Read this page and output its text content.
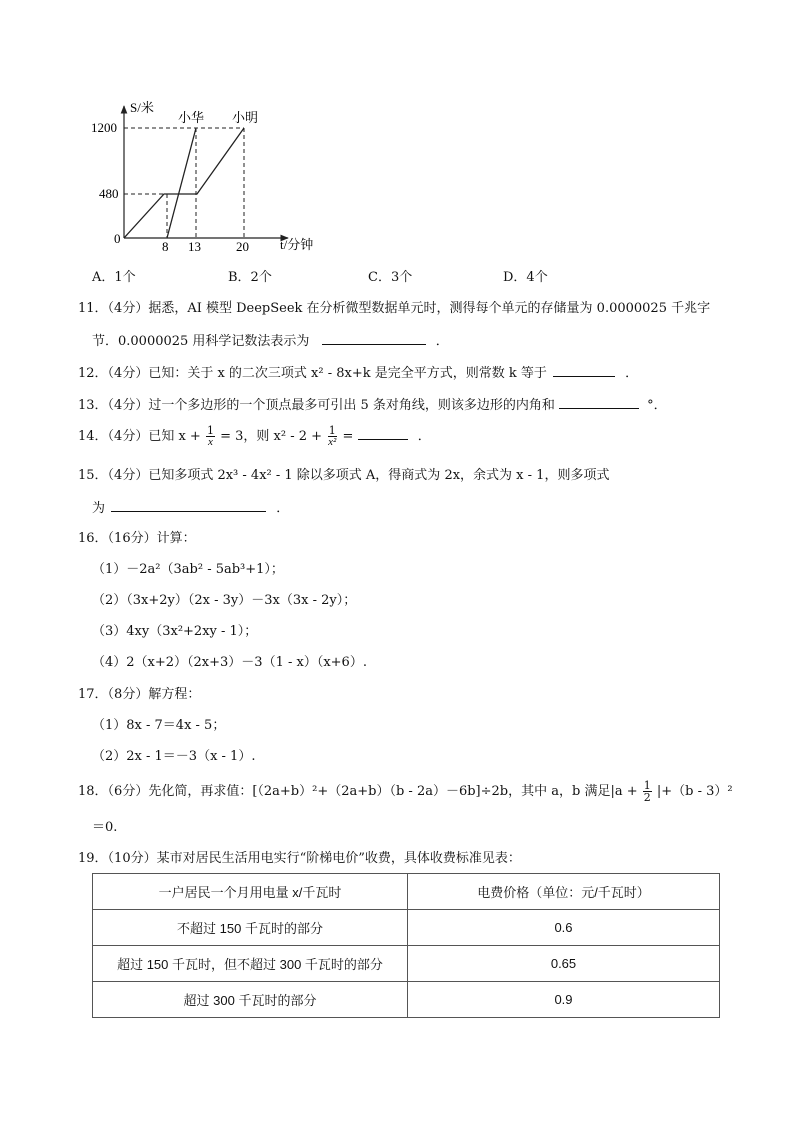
S/米
t/分钟
0
1200
480
8 13	20
小华 小明
A．1个	B．2个	C．3个	D．4个
11．（4分）据悉，AI 模型 DeepSeek 在分析微型数据单元时，测得每个单元的存储量为 0.0000025 千兆字
节．0.0000025 用科学记数法表示为	．
12．（4分）已知：关于 x 的二次三项式 x² - 8x+k 是完全平方式，则常数 k 等于	．
13．（4分）过一个多边形的一个顶点最多可引出 5 条对角线，则该多边形的内角和	°．
14．（4分）已知 $x + \frac{1}{x} = 3$，则 $x^2 - 2 + \frac{1}{\text{x²}}$ =	．
15．（4分）已知多项式 2x³ - 4x² - 1 除以多项式 A，得商式为 2x，余式为 x - 1，则多项式
为	．
16．（16分）计算：
（1）－2a²（3ab² - 5ab³+1）；
（2）（3x+2y）（2x - 3y）－3x（3x - 2y）；
（3）4xy（3x²+2xy - 1）；
（4）2（x+2）（2x+3）－3（1 - x）（x+6）.
17．（8分）解方程：
（1）8x - 7＝4x - 5；
（2）2x - 1＝－3（x - 1）.
18．（6分）先化简，再求值：[（2a+b）²+（2a+b）（b - 2a）－6b]÷2b，其中 a，b 满足$|a + \frac{1}{2} |+(b - 3)^2$
＝0.
19．（10分）某市对居民生活用电实行“阶梯电价”收费，具体收费标准见表：
一户居民一个月用电量 x/千瓦时	电费价格（单位：元/千瓦时）
不超过 150 千瓦时的部分	0.6
超过 150 千瓦时，但不超过 300 千瓦时的部分	0.65
超过 300 千瓦时的部分	0.9
